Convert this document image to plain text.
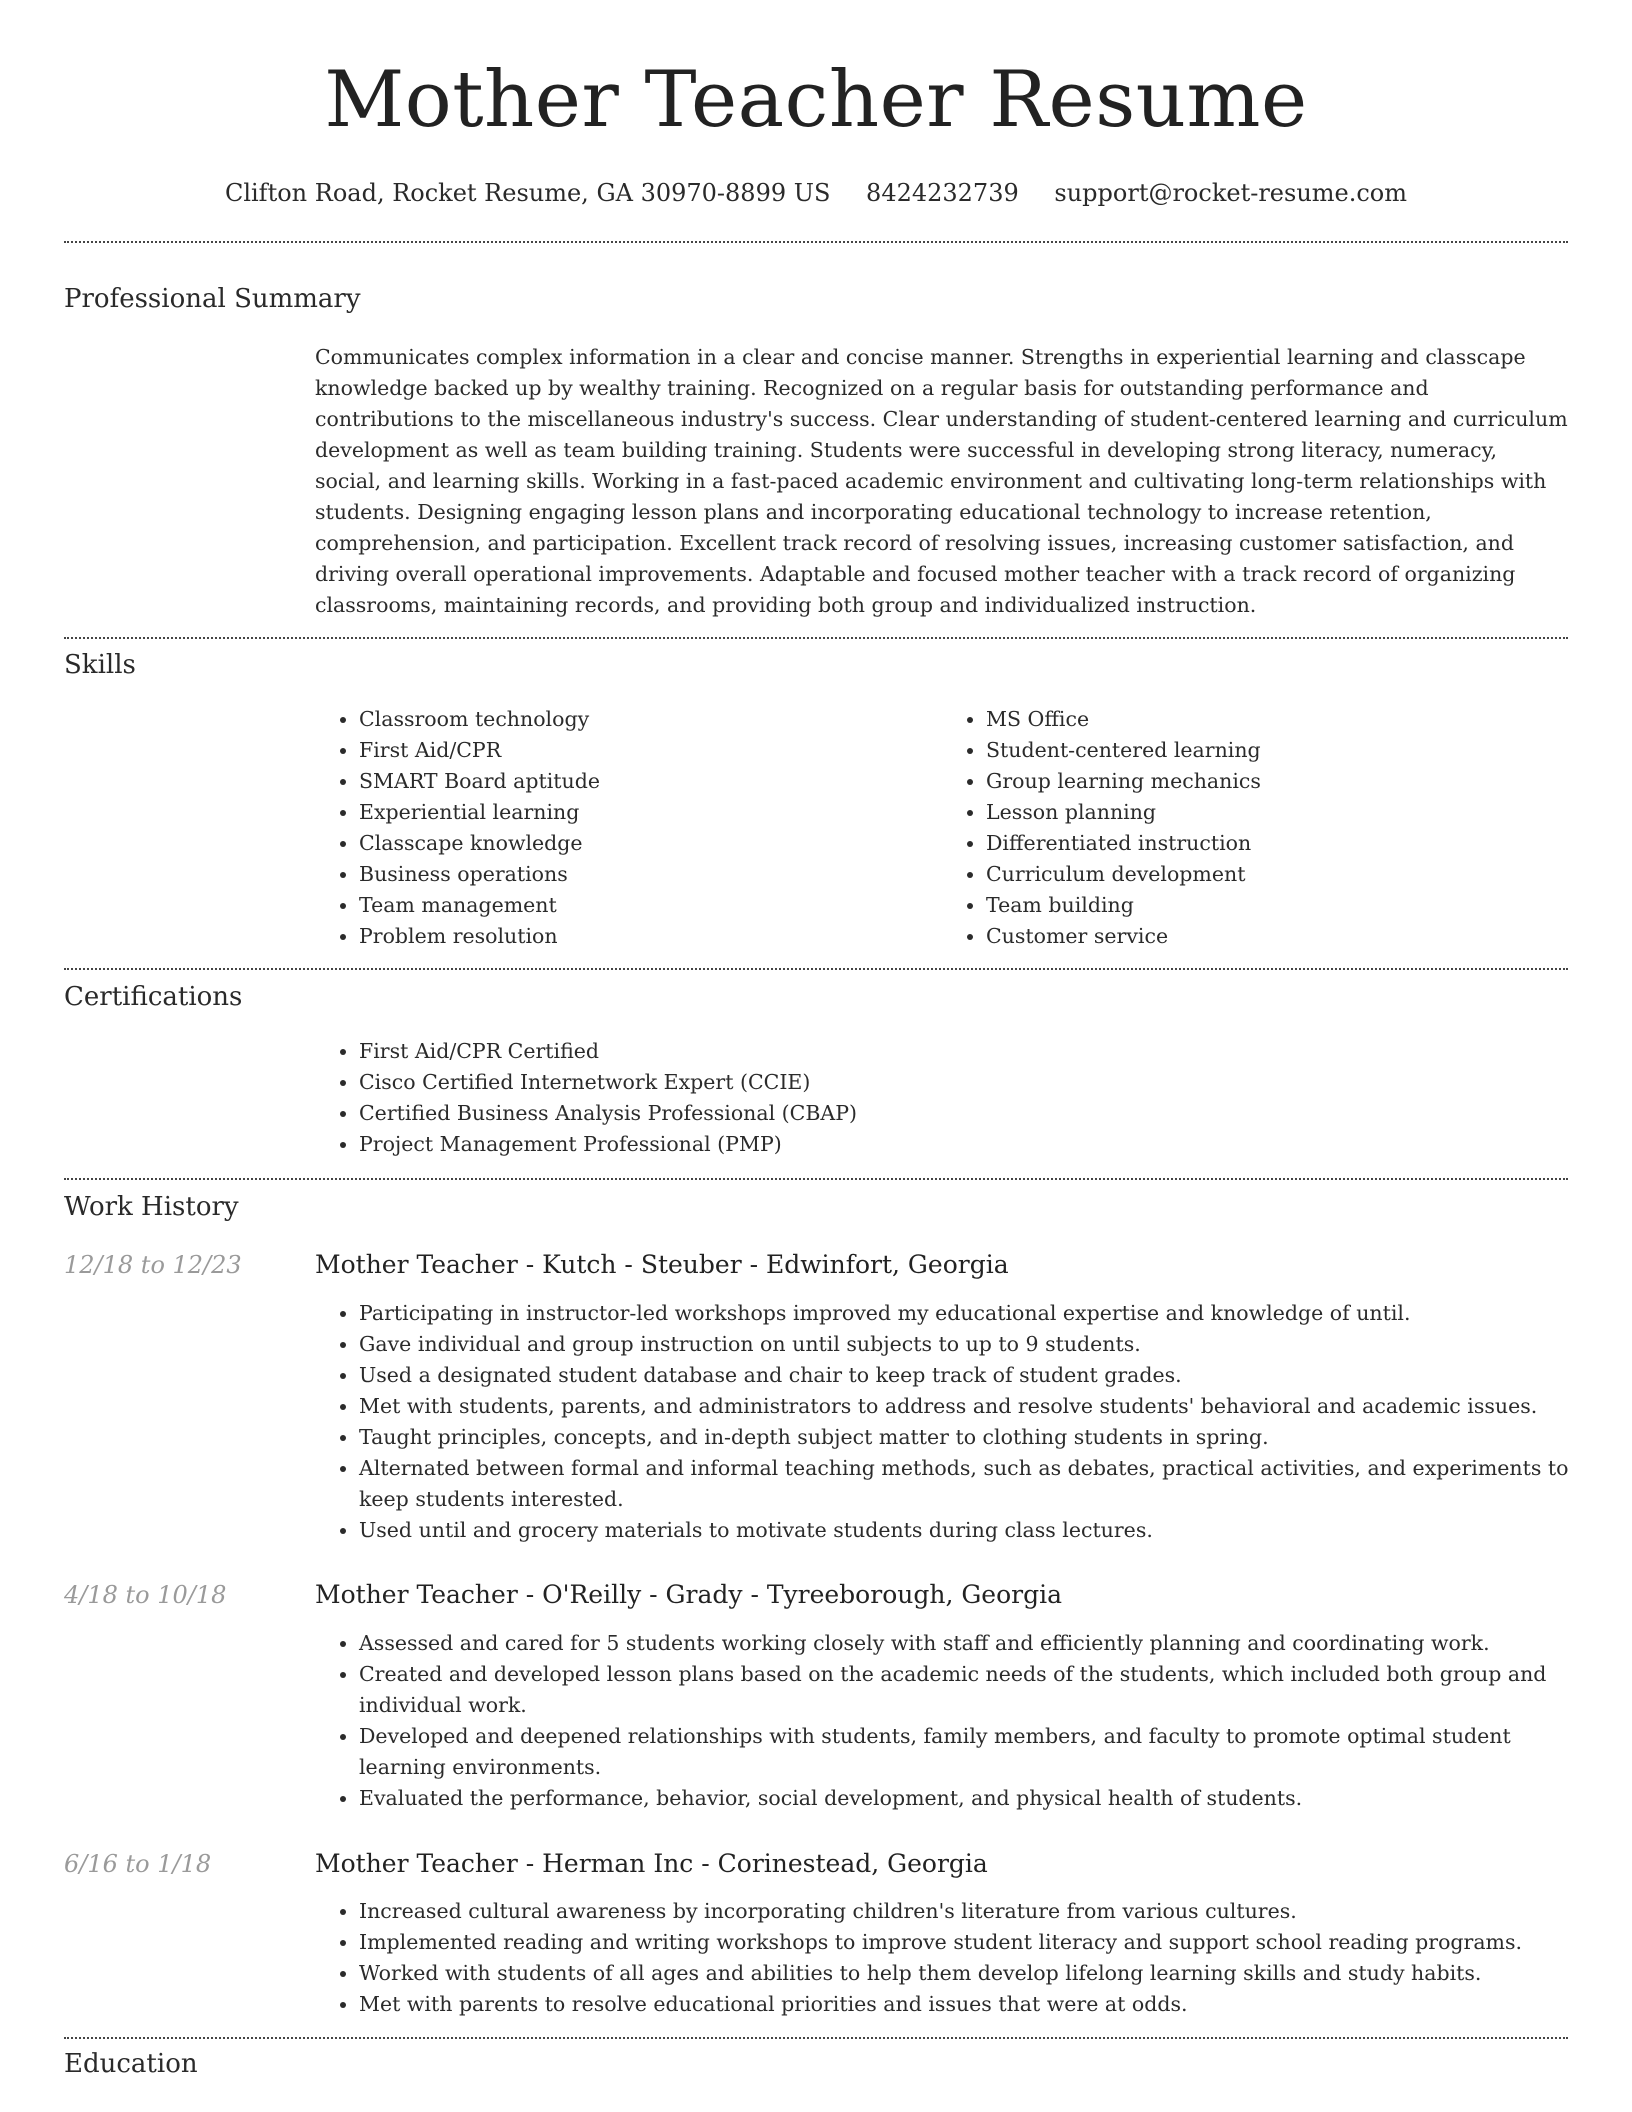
Mother Teacher Resume
Clifton Road, Rocket Resume, GA 30970-8899 US 8424232739 support@rocket-resume.com
Professional Summary

Communicates complex information in a clear and concise manner. Strengths in experiential learning and classcape knowledge backed up by wealthy training. Recognized on a regular basis for outstanding performance and contributions to the miscellaneous industry's success. Clear understanding of student-centered learning and curriculum development as well as team building training. Students were successful in developing strong literacy, numeracy, social, and learning skills. Working in a fast-paced academic environment and cultivating long-term relationships with students. Designing engaging lesson plans and incorporating educational technology to increase retention, comprehension, and participation. Excellent track record of resolving issues, increasing customer satisfaction, and driving overall operational improvements. Adaptable and focused mother teacher with a track record of organizing classrooms, maintaining records, and providing both group and individualized instruction.

Skills
• Classroom technology
• First Aid/CPR
• SMART Board aptitude
• Experiential learning
• Classcape knowledge
• Business operations
• Team management
• Problem resolution
• MS Office
• Student-centered learning
• Group learning mechanics
• Lesson planning
• Differentiated instruction
• Curriculum development
• Team building
• Customer service
Certifications
• First Aid/CPR Certified
• Cisco Certified Internetwork Expert (CCIE)
• Certified Business Analysis Professional (CBAP)
• Project Management Professional (PMP)
Work History
12/18 to 12/23	Mother Teacher - Kutch - Steuber - Edwinfort, Georgia
• Participating in instructor-led workshops improved my educational expertise and knowledge of until.
• Gave individual and group instruction on until subjects to up to 9 students.
• Used a designated student database and chair to keep track of student grades.
• Met with students, parents, and administrators to address and resolve students' behavioral and academic issues.
• Taught principles, concepts, and in-depth subject matter to clothing students in spring.
• Alternated between formal and informal teaching methods, such as debates, practical activities, and experiments to keep students interested.
• Used until and grocery materials to motivate students during class lectures.
4/18 to 10/18	Mother Teacher - O'Reilly - Grady - Tyreeborough, Georgia
• Assessed and cared for 5 students working closely with staff and efficiently planning and coordinating work.
• Created and developed lesson plans based on the academic needs of the students, which included both group and individual work.
• Developed and deepened relationships with students, family members, and faculty to promote optimal student learning environments.
• Evaluated the performance, behavior, social development, and physical health of students.
6/16 to 1/18	Mother Teacher - Herman Inc - Corinestead, Georgia
• Increased cultural awareness by incorporating children's literature from various cultures.
• Implemented reading and writing workshops to improve student literacy and support school reading programs.
• Worked with students of all ages and abilities to help them develop lifelong learning skills and study habits.
• Met with parents to resolve educational priorities and issues that were at odds.
Education
